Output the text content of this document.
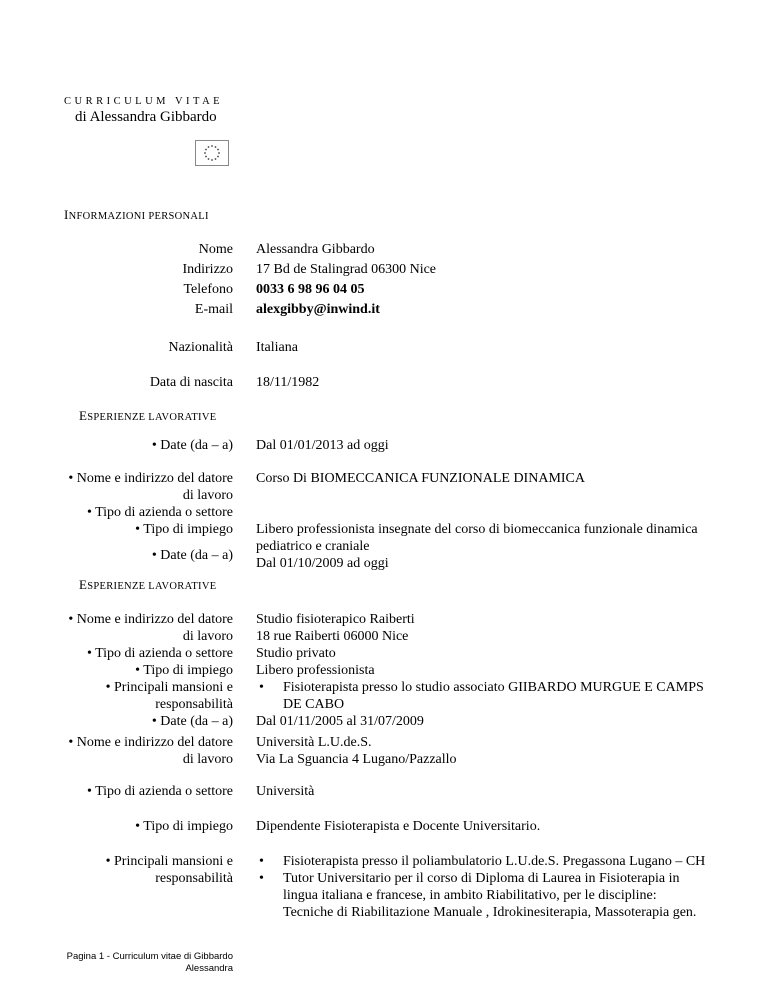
CURRICULUM VITAE
di Alessandra Gibbardo
INFORMAZIONI PERSONALI
Nome Alessandra Gibbardo
Indirizzo 17 Bd de Stalingrad 06300 Nice
Telefono 0033 6 98 96 04 05
E-mail alexgibby@inwind.it
Nazionalità Italiana
Data di nascita 18/11/1982
ESPERIENZE LAVORATIVE
• Date (da – a) Dal 01/01/2013 ad oggi
• Nome e indirizzo del datore
di lavoro
• Tipo di azienda o settore
• Tipo di impiego
Corso Di BIOMECCANICA FUNZIONALE DINAMICA
Libero professionista insegnate del corso di biomeccanica funzionale dinamica
pediatrico e craniale
Dal 01/10/2009 ad oggi
• Date (da – a)
ESPERIENZE LAVORATIVE
• Nome e indirizzo del datore
di lavoro
• Tipo di azienda o settore
• Tipo di impiego
• Principali mansioni e
responsabilità
• Date (da – a)
Studio fisioterapico Raiberti
18 rue Raiberti 06000 Nice
Studio privato
Libero professionista
• Fisioterapista presso lo studio associato GIIBARDO MURGUE E CAMPS
DE CABO
Dal 01/11/2005 al 31/07/2009
• Nome e indirizzo del datore
di lavoro
Università L.U.de.S.
Via La Sguancia 4 Lugano/Pazzallo
• Tipo di azienda o settore Università
• Tipo di impiego Dipendente Fisioterapista e Docente Universitario.
• Principali mansioni e
responsabilità
• Fisioterapista presso il poliambulatorio L.U.de.S. Pregassona Lugano – CH
• Tutor Universitario per il corso di Diploma di Laurea in Fisioterapia in
lingua italiana e francese, in ambito Riabilitativo, per le discipline:
Tecniche di Riabilitazione Manuale , Idrokinesiterapia, Massoterapia gen.
Pagina 1 - Curriculum vitae di Gibbardo
Alessandra
